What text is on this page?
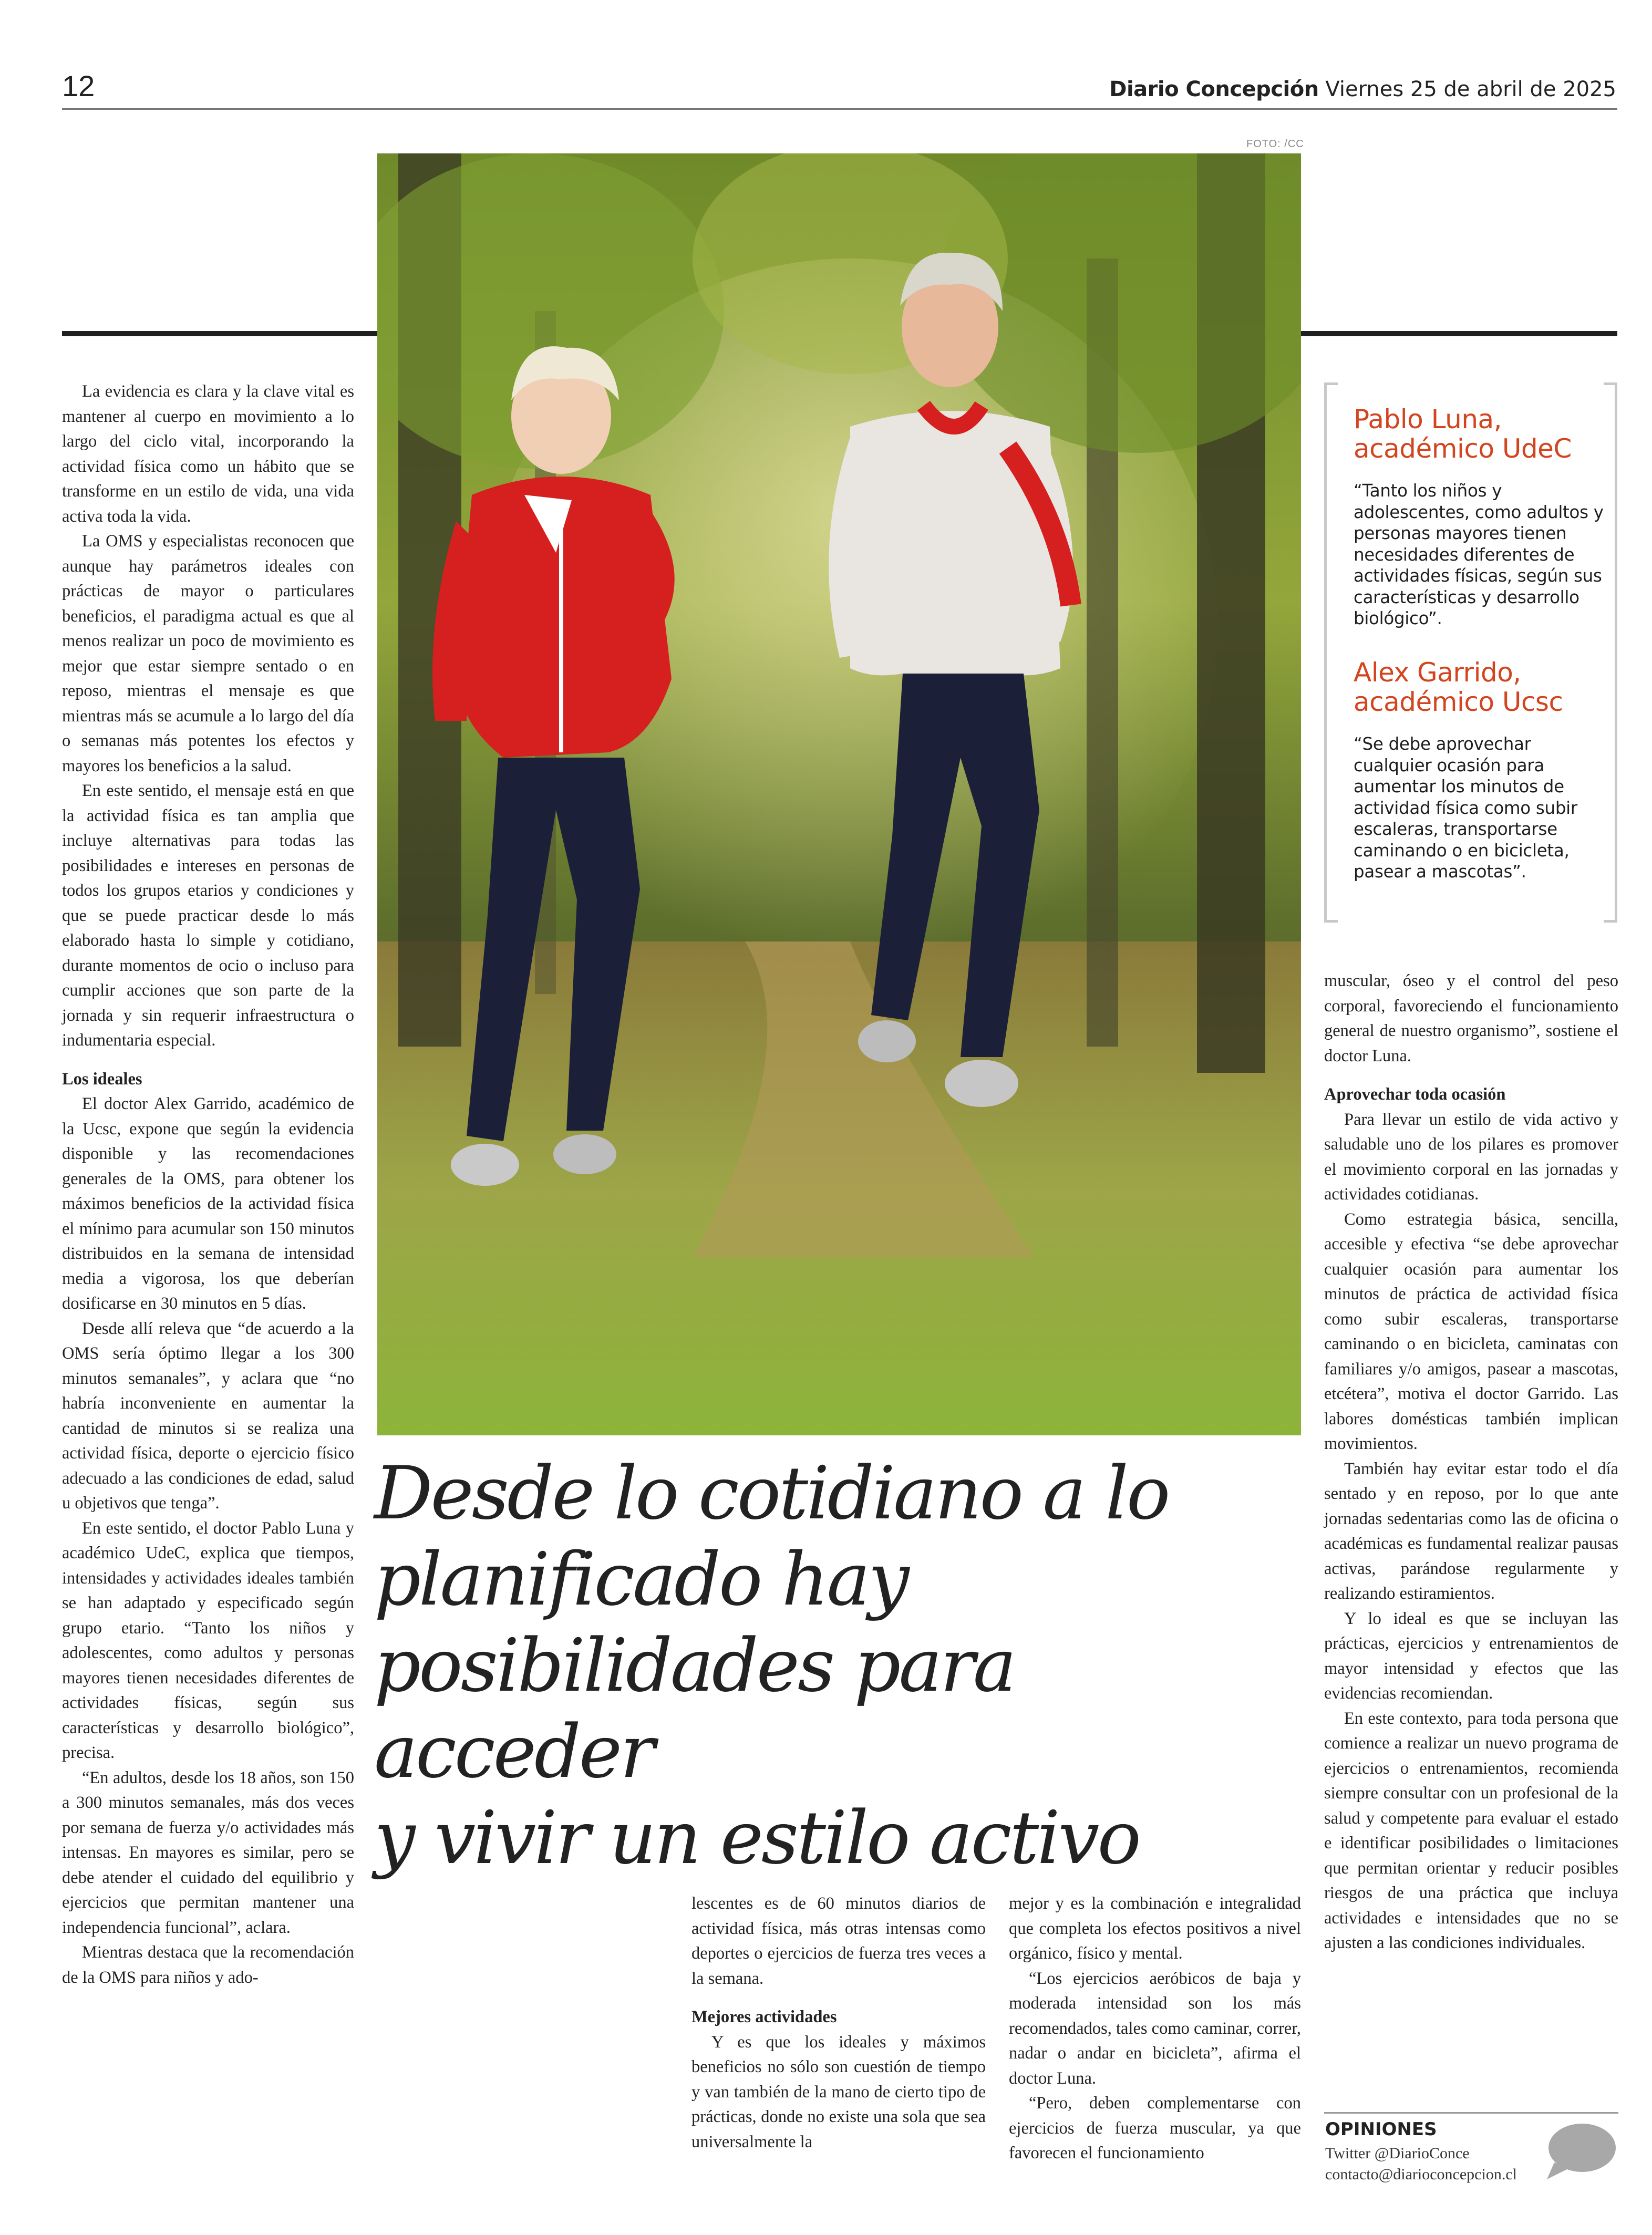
12	Diario Concepción Viernes 25 de abril de 2025
FOTO: /CC

La evidencia es clara y la clave vital es mantener al cuerpo en movimiento a lo largo del ciclo vital, incorporando la actividad física como un hábito que se transforme en un estilo de vida, una vida activa toda la vida.

La OMS y especialistas reconocen que aunque hay parámetros ideales con prácticas de mayor o particulares beneficios, el paradigma actual es que al menos realizar un poco de movimiento es mejor que estar siempre sentado o en reposo, mientras el mensaje es que mientras más se acumule a lo largo del día o semanas más potentes los efectos y mayores los beneficios a la salud.

En este sentido, el mensaje está en que la actividad física es tan amplia que incluye alternativas para todas las posibilidades e intereses en personas de todos los grupos etarios y condiciones y que se puede practicar desde lo más elaborado hasta lo simple y cotidiano, durante momentos de ocio o incluso para cumplir acciones que son parte de la jornada y sin requerir infraestructura o indumentaria especial.

Los ideales

El doctor Alex Garrido, académico de la Ucsc, expone que según la evidencia disponible y las recomendaciones generales de la OMS, para obtener los máximos beneficios de la actividad física el mínimo para acumular son 150 minutos distribuidos en la semana de intensidad media a vigorosa, los que deberían dosificarse en 30 minutos en 5 días.

Desde allí releva que “de acuerdo a la OMS sería óptimo llegar a los 300 minutos semanales”, y aclara que “no habría inconveniente en aumentar la cantidad de minutos si se realiza una actividad física, deporte o ejercicio físico adecuado a las condiciones de edad, salud u objetivos que tenga”.

En este sentido, el doctor Pablo Luna y académico UdeC, explica que tiempos, intensidades y actividades ideales también se han adaptado y especificado según grupo etario. “Tanto los niños y adolescentes, como adultos y personas mayores tienen necesidades diferentes de actividades físicas, según sus características y desarrollo biológico”, precisa.

“En adultos, desde los 18 años, son 150 a 300 minutos semanales, más dos veces por semana de fuerza y/o actividades más intensas. En mayores es similar, pero se debe atender el cuidado del equilibrio y ejercicios que permitan mantener una independencia funcional”, aclara.

Mientras destaca que la recomendación de la OMS para niños y ado-

Desde lo cotidiano a lo
planificado hay
posibilidades para acceder
y vivir un estilo activo

lescentes es de 60 minutos diarios de actividad física, más otras intensas como deportes o ejercicios de fuerza tres veces a la semana.

Mejores actividades

Y es que los ideales y máximos beneficios no sólo son cuestión de tiempo y van también de la mano de cierto tipo de prácticas, donde no existe una sola que sea universalmente la

mejor y es la combinación e integralidad que completa los efectos positivos a nivel orgánico, físico y mental.

“Los ejercicios aeróbicos de baja y moderada intensidad son los más recomendados, tales como caminar, correr, nadar o andar en bicicleta”, afirma el doctor Luna.

“Pero, deben complementarse con ejercicios de fuerza muscular, ya que favorecen el funcionamiento

Pablo Luna, académico UdeC
“Tanto los niños y adolescentes, como adultos y personas mayores tienen necesidades diferentes de actividades físicas, según sus características y desarrollo biológico”.
Alex Garrido, académico Ucsc
“Se debe aprovechar cualquier ocasión para aumentar los minutos de actividad física como subir escaleras, transportarse caminando o en bicicleta, pasear a mascotas”.

muscular, óseo y el control del peso corporal, favoreciendo el funcionamiento general de nuestro organismo”, sostiene el doctor Luna.

Aprovechar toda ocasión

Para llevar un estilo de vida activo y saludable uno de los pilares es promover el movimiento corporal en las jornadas y actividades cotidianas.

Como estrategia básica, sencilla, accesible y efectiva “se debe aprovechar cualquier ocasión para aumentar los minutos de práctica de actividad física como subir escaleras, transportarse caminando o en bicicleta, caminatas con familiares y/o amigos, pasear a mascotas, etcétera”, motiva el doctor Garrido. Las labores domésticas también implican movimientos.

También hay evitar estar todo el día sentado y en reposo, por lo que ante jornadas sedentarias como las de oficina o académicas es fundamental realizar pausas activas, parándose regularmente y realizando estiramientos.

Y lo ideal es que se incluyan las prácticas, ejercicios y entrenamientos de mayor intensidad y efectos que las evidencias recomiendan.

En este contexto, para toda persona que comience a realizar un nuevo programa de ejercicios o entrenamientos, recomienda siempre consultar con un profesional de la salud y competente para evaluar el estado e identificar posibilidades o limitaciones que permitan orientar y reducir posibles riesgos de una práctica que incluya actividades e intensidades que no se ajusten a las condiciones individuales.

OPINIONES
Twitter @DiarioConce
contacto@diarioconcepcion.cl
